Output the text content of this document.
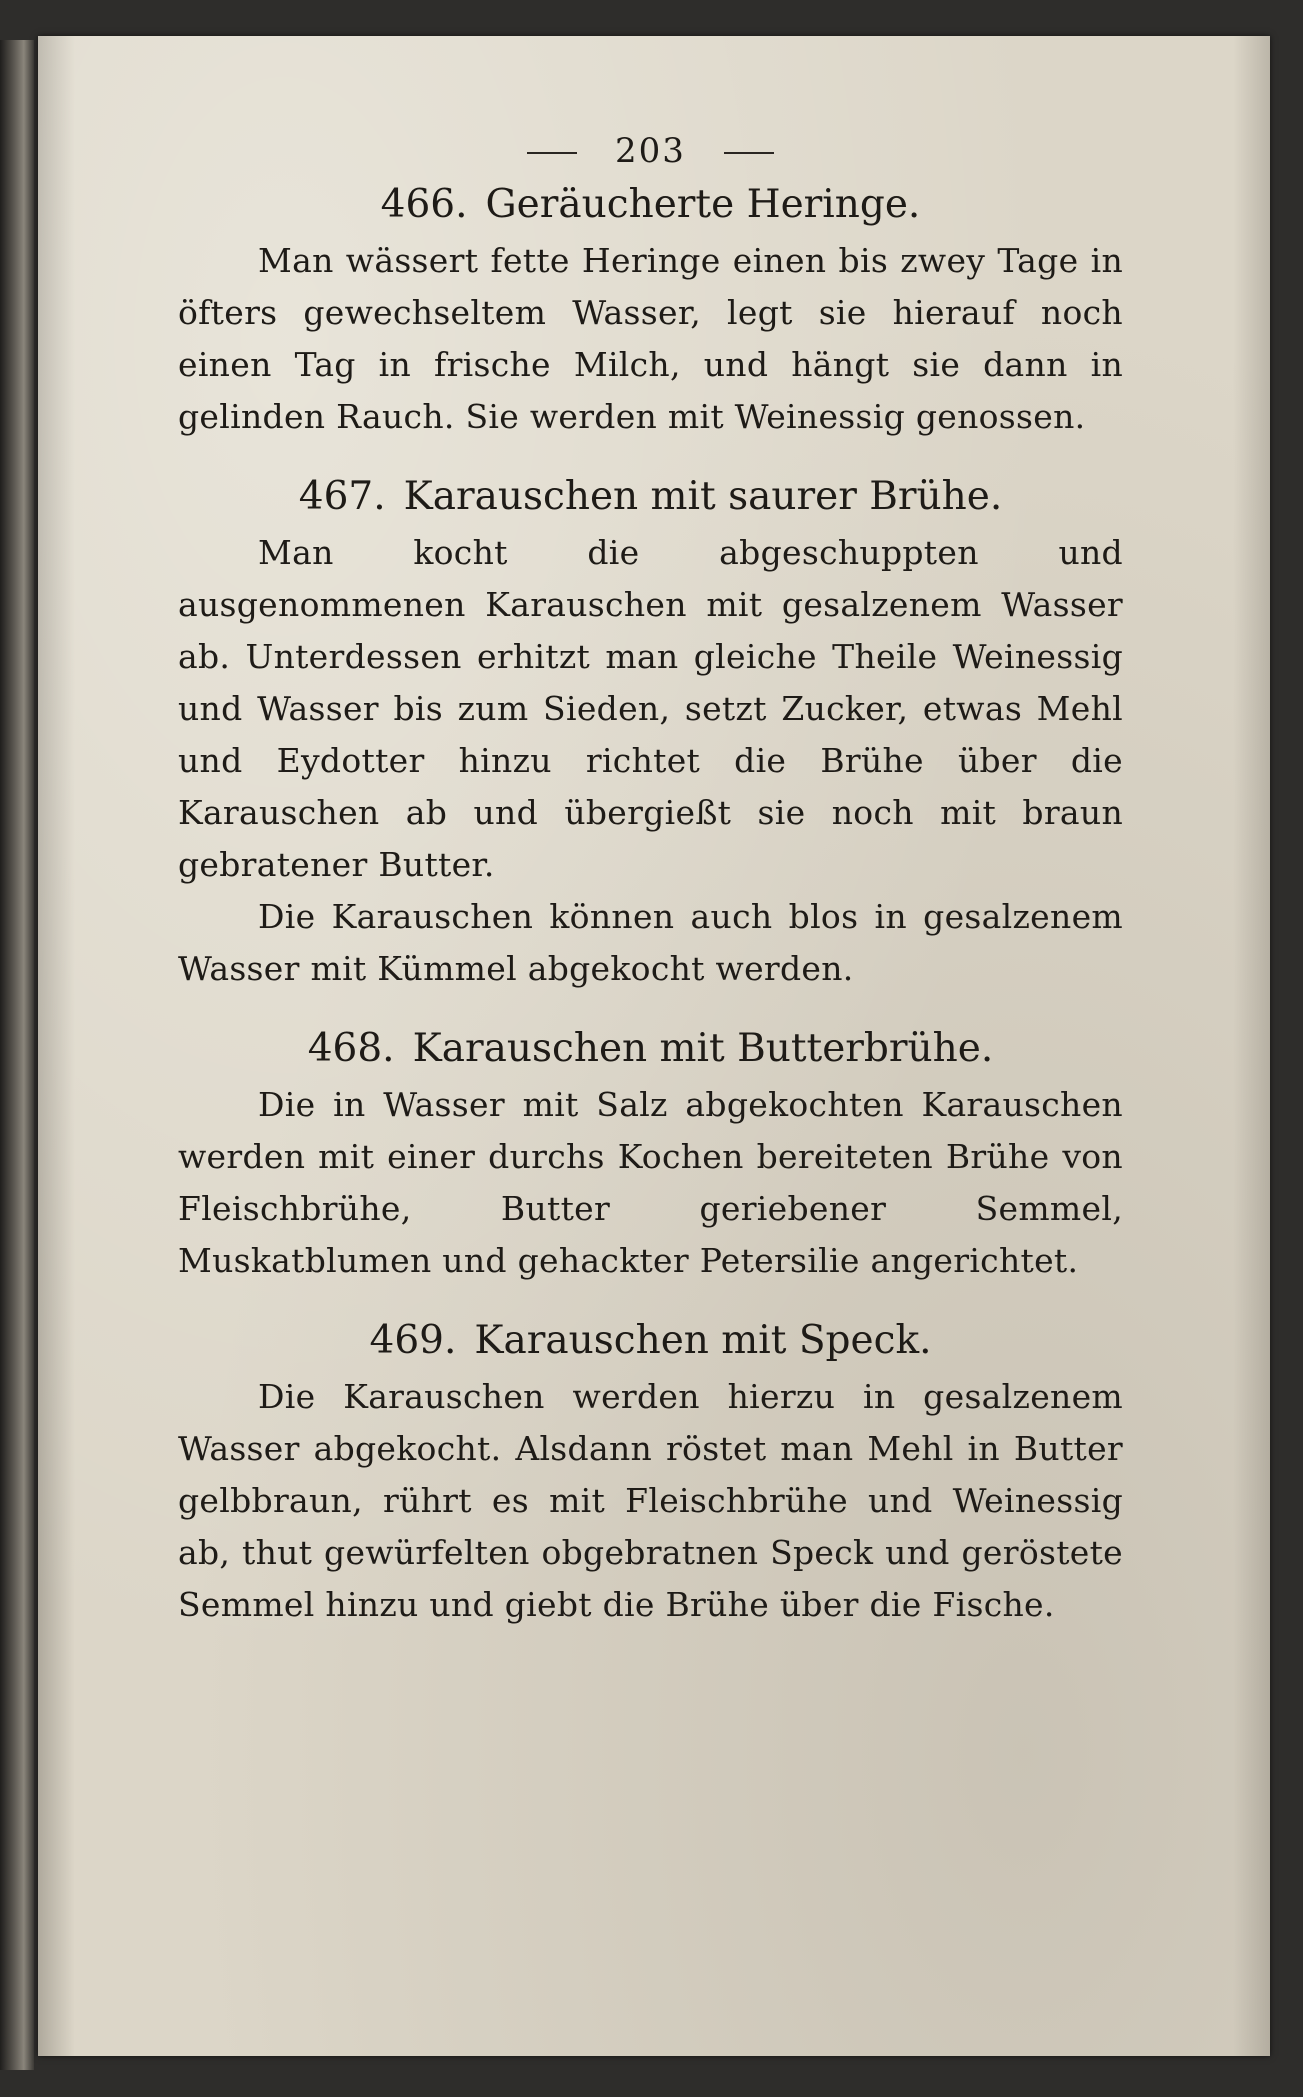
203
466. Geräucherte Heringe.

Man wässert fette Heringe einen bis zwey Tage in öfters gewechseltem Wasser, legt sie hierauf noch einen Tag in frische Milch, und hängt sie dann in gelinden Rauch. Sie werden mit Weinessig genossen.

467. Karauschen mit saurer Brühe.

Man kocht die abgeschuppten und ausgenommenen Karauschen mit gesalzenem Wasser ab. Unterdessen erhitzt man gleiche Theile Weinessig und Wasser bis zum Sieden, setzt Zucker, etwas Mehl und Eydotter hinzu richtet die Brühe über die Karauschen ab und übergießt sie noch mit braun gebratener Butter.

Die Karauschen können auch blos in gesalzenem Wasser mit Kümmel abgekocht werden.

468. Karauschen mit Butterbrühe.

Die in Wasser mit Salz abgekochten Karauschen werden mit einer durchs Kochen bereiteten Brühe von Fleischbrühe, Butter geriebener Semmel, Muskatblumen und gehackter Petersilie angerichtet.

469. Karauschen mit Speck.

Die Karauschen werden hierzu in gesalzenem Wasser abgekocht. Alsdann röstet man Mehl in Butter gelbbraun, rührt es mit Fleischbrühe und Weinessig ab, thut gewürfelten obgebratnen Speck und geröstete Semmel hinzu und giebt die Brühe über die Fische.
